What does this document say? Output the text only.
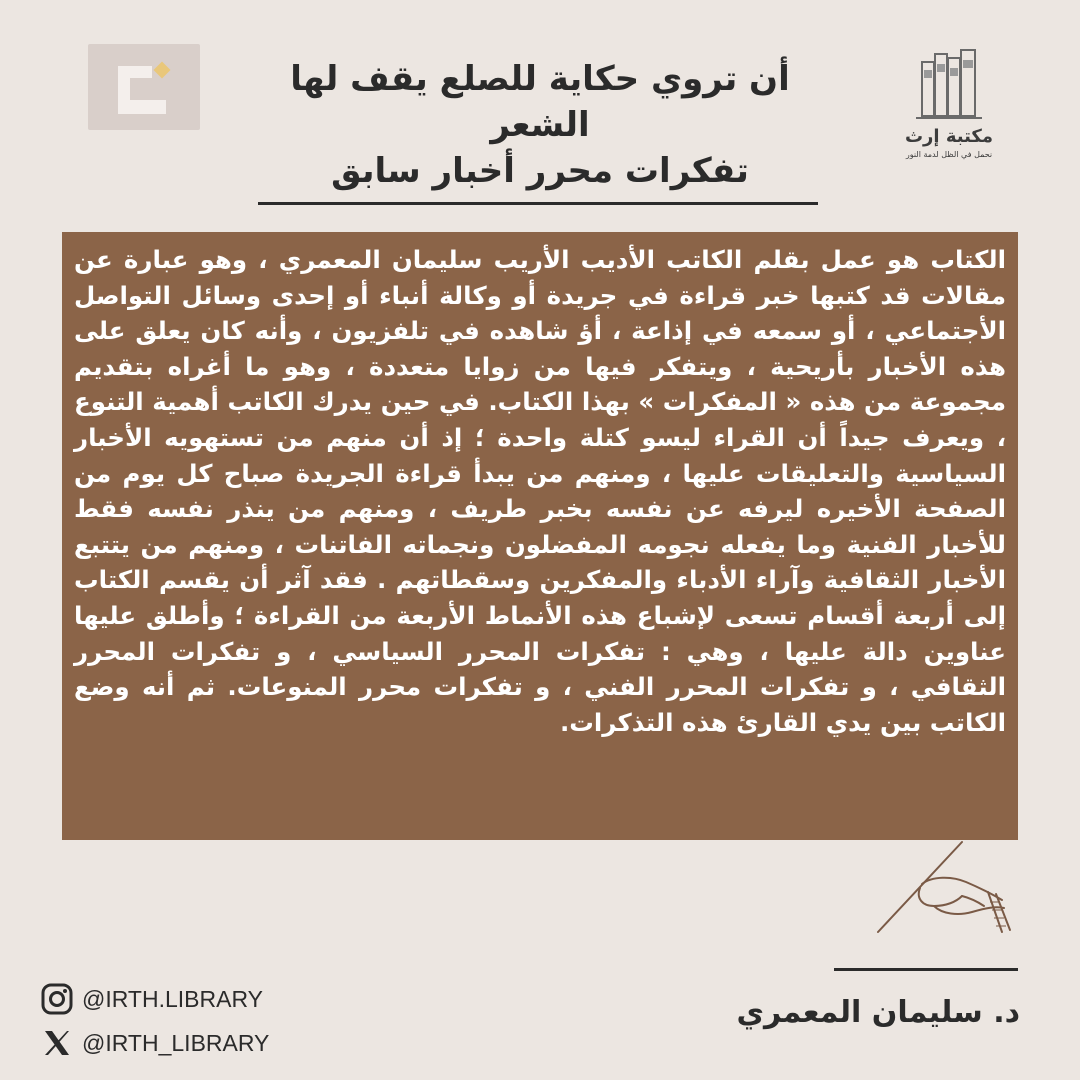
أن تروي حكاية للصلع يقف لها الشعر
تفكرات محرر أخبار سابق
مكتبة إرث
نحمل في الظل لدمة النور

الكتاب هو عمل بقلم الكاتب الأديب الأريب سليمان المعمري ، وهو عبارة عن مقالات قد كتبها خبر قراءة في جريدة أو وكالة أنباء أو إحدى وسائل التواصل الأجتماعي ، أو سمعه في إذاعة ، أؤ شاهده في تلفزيون ، وأنه كان يعلق على هذه الأخبار بأريحية ، ويتفكر فيها من زوايا متعددة ، وهو ما أغراه بتقديم مجموعة من هذه « المفكرات » بهذا الكتاب. في حين يدرك الكاتب أهمية التنوع ، ويعرف جيداً أن القراء ليسو كتلة واحدة ؛ إذ أن منهم من تستهويه الأخبار السياسية والتعليقات عليها ، ومنهم من يبدأ قراءة الجريدة صباح كل يوم من الصفحة الأخيره ليرفه عن نفسه بخبر طريف ، ومنهم من ينذر نفسه فقط للأخبار الفنية وما يفعله نجومه المفضلون ونجماته الفاتنات ، ومنهم من يتتبع الأخبار الثقافية وآراء الأدباء والمفكرين وسقطاتهم . فقد آثر أن يقسم الكتاب إلى أربعة أقسام تسعى لإشباع هذه الأنماط الأربعة من القراءة ؛ وأطلق عليها عناوين دالة عليها ، وهي : تفكرات المحرر السياسي ، و تفكرات المحرر الثقافي ، و تفكرات المحرر الفني ، و تفكرات محرر المنوعات. ثم أنه وضع الكاتب بين يدي القارئ هذه التذكرات.

د. سليمان المعمري
@IRTH.LIBRARY
@IRTH_LIBRARY
